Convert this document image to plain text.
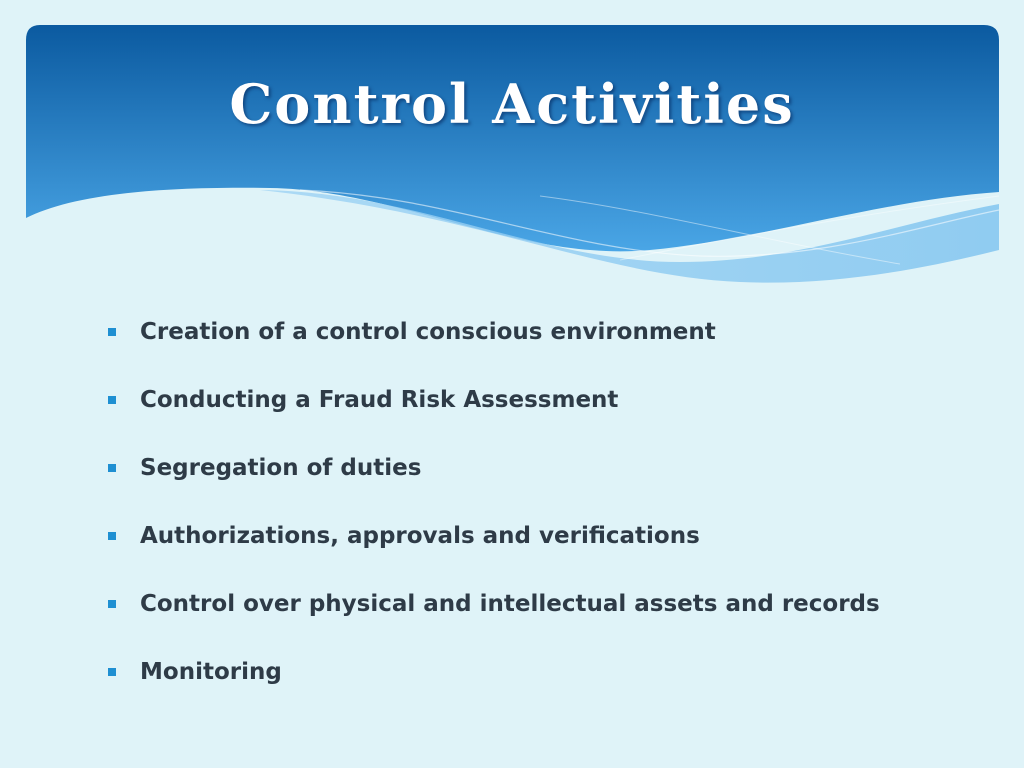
Control Activities
Creation of a control conscious environment
Conducting a Fraud Risk Assessment
Segregation of duties
Authorizations, approvals and verifications
Control over physical and intellectual assets and records
Monitoring
